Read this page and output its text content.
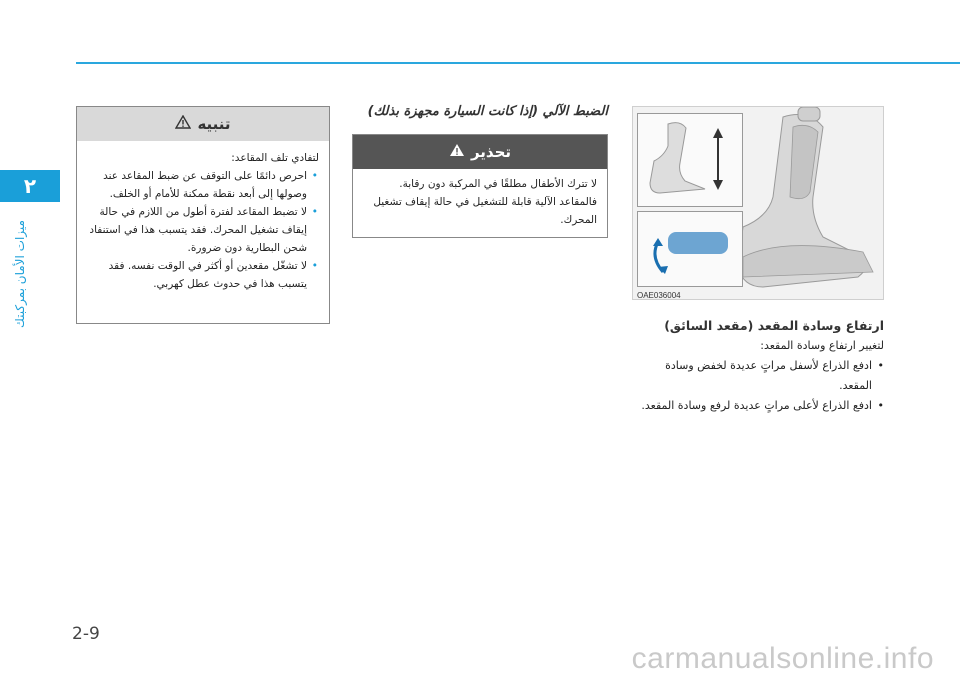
٢
ميزات الأمان بمركبتك
تنبيه

لتفادي تلف المقاعد:

• احرص دائمًا على التوقف عن ضبط المقاعد عند وصولها إلى أبعد نقطة ممكنة للأمام أو الخلف.
• لا تضبط المقاعد لفترة أطول من اللازم في حالة إيقاف تشغيل المحرك. فقد يتسبب هذا في استنفاد شحن البطارية دون ضرورة.
• لا تشغّل مقعدين أو أكثر في الوقت نفسه. فقد يتسبب هذا في حدوث عطل كهربي.
الضبط الآلي (إذا كانت السيارة مجهزة بذلك)
تحذير

لا تترك الأطفال مطلقًا في المركبة دون رقابة. فالمقاعد الآلية قابلة للتشغيل في حالة إيقاف تشغيل المحرك.

OAE036004

ارتفاع وسادة المقعد (مقعد السائق)

لتغيير ارتفاع وسادة المقعد:

• ادفع الذراع لأسفل مراتٍ عديدة لخفض وسادة المقعد.
• ادفع الذراع لأعلى مراتٍ عديدة لرفع وسادة المقعد.
2-9
carmanualsonline.info
